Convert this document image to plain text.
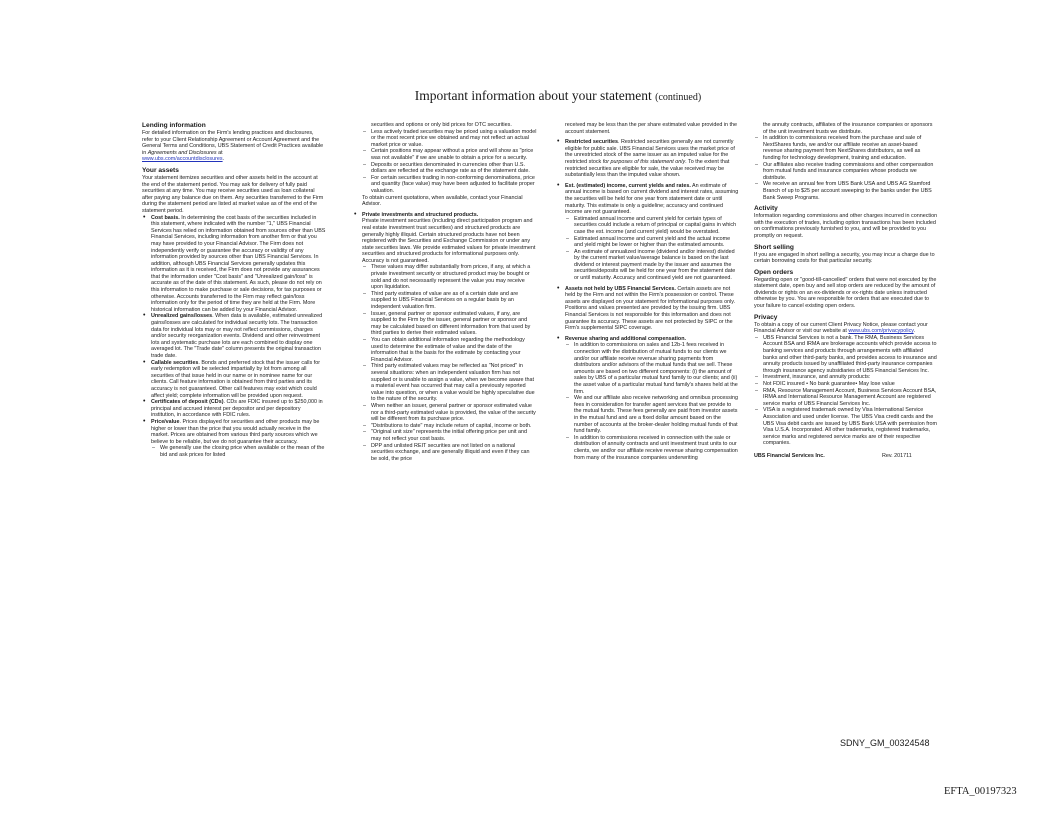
Important information about your statement (continued)
Lending information

For detailed information on the Firm's lending practices and disclosures, refer to your Client Relationship Agreement or Account Agreement and the General Terms and Conditions, UBS Statement of Credit Practices available in Agreements and Disclosures at
www.ubs.com/accountdisclosures.

Your assets

Your statement itemizes securities and other assets held in the account at the end of the statement period. You may ask for delivery of fully paid securities at any time. You may receive securities used as loan collateral after paying any balance due on them. Any securities transferred to the Firm during the statement period are listed at market value as of the end of the statement period.

• Cost basis. In determining the cost basis of the securities included in this statement, where indicated with the number "1," UBS Financial Services has relied on information obtained from sources other than UBS Financial Services, including information from another firm or that you may have provided to your Financial Advisor. The Firm does not independently verify or guarantee the accuracy or validity of any information provided by sources other than UBS Financial Services. In addition, although UBS Financial Services generally updates this information as it is received, the Firm does not provide any assurances that the information under "Cost basis" and "Unrealized gain/loss" is accurate as of the date of this statement. As such, please do not rely on this information to make purchase or sale decisions, for tax purposes or otherwise. Accounts transferred to the Firm may reflect gain/loss information only for the period of time they are held at the Firm. More historical information can be added by your Financial Advisor.

• Unrealized gains/losses. When data is available, estimated unrealized gains/losses are calculated for individual security lots. The transaction data for individual lots may or may not reflect commissions, charges and/or security reorganization events. Dividend and other reinvestment lots and systematic purchase lots are each combined to display one averaged lot. The "Trade date" column presents the original transaction trade date.

• Callable securities. Bonds and preferred stock that the issuer calls for early redemption will be selected impartially by lot from among all securities of that issue held in our name or in nominee name for our clients. Call feature information is obtained from third parties and its accuracy is not guaranteed. Other call features may exist which could affect yield; complete information will be provided upon request.

• Certificates of deposit (CDs). CDs are FDIC insured up to $250,000 in principal and accrued interest per depositor and per depository institution, in accordance with FDIC rules.

• Price/value. Prices displayed for securities and other products may be higher or lower than the price that you would actually receive in the market. Prices are obtained from various third party sources which we believe to be reliable, but we do not guarantee their accuracy.

– We generally use the closing price when available or the mean of the bid and ask prices for listed

securities and options or only bid prices for OTC securities.

– Less actively traded securities may be priced using a valuation model or the most recent price we obtained and may not reflect an actual market price or value.

– Certain positions may appear without a price and will show as "price was not available" if we are unable to obtain a price for a security.

– Deposits or securities denominated in currencies other than U.S. dollars are reflected at the exchange rate as of the statement date.

– For certain securities trading in non-conforming denominations, price and quantity (face value) may have been adjusted to facilitate proper valuation.

To obtain current quotations, when available, contact your Financial Advisor.

• Private investments and structured products.
Private investment securities (including direct participation program and real estate investment trust securities) and structured products are generally highly illiquid. Certain structured products have not been registered with the Securities and Exchange Commission or under any state securities laws. We provide estimated values for private investment securities and structured products for informational purposes only. Accuracy is not guaranteed.

– These values may differ substantially from prices, if any, at which a private investment security or structured product may be bought or sold and do not necessarily represent the value you may receive upon liquidation.

– Third party estimates of value are as of a certain date and are supplied to UBS Financial Services on a regular basis by an independent valuation firm.

– Issuer, general partner or sponsor estimated values, if any, are supplied to the Firm by the issuer, general partner or sponsor and may be calculated based on different information from that used by third parties to derive their estimated values.

– You can obtain additional information regarding the methodology used to determine the estimate of value and the date of the information that is the basis for the estimate by contacting your Financial Advisor.

– Third party estimated values may be reflected as "Not priced" in several situations: when an independent valuation firm has not supplied or is unable to assign a value, when we become aware that a material event has occurred that may call a previously reported value into question, or when a value would be highly speculative due to the nature of the security.

– When neither an issuer, general partner or sponsor estimated value nor a third-party estimated value is provided, the value of the security will be different from its purchase price.

– "Distributions to date" may include return of capital, income or both.

– "Original unit size" represents the initial offering price per unit and may not reflect your cost basis.

– DPP and unlisted REIT securities are not listed on a national securities exchange, and are generally illiquid and even if they can be sold, the price

received may be less than the per share estimated value provided in the account statement.

• Restricted securities. Restricted securities generally are not currently eligible for public sale. UBS Financial Services uses the market price of the unrestricted stock of the same issuer as an imputed value for the restricted stock for purposes of this statement only. To the extent that restricted securities are eligible for sale, the value received may be substantially less than the imputed value shown.

• Est. (estimated) income, current yields and rates. An estimate of annual income is based on current dividend and interest rates, assuming the securities will be held for one year from statement date or until maturity. This estimate is only a guideline; accuracy and continued income are not guaranteed.

– Estimated annual income and current yield for certain types of securities could include a return of principal or capital gains in which case the est. income (and current yield) would be overstated.

– Estimated annual income and current yield and the actual income and yield might be lower or higher than the estimated amounts.

– An estimate of annualized income (dividend and/or interest) divided by the current market value/average balance is based on the last dividend or interest payment made by the issuer and assumes the securities/deposits will be held for one year from the statement date or until maturity. Accuracy and continued yield are not guaranteed.

• Assets not held by UBS Financial Services. Certain assets are not held by the Firm and not within the Firm's possession or control. These assets are displayed on your statement for informational purposes only. Positions and values presented are provided by the issuing firm. UBS Financial Services is not responsible for this information and does not guarantee its accuracy. These assets are not protected by SIPC or the Firm's supplemental SIPC coverage.

• Revenue sharing and additional compensation.

– In addition to commissions on sales and 12b-1 fees received in connection with the distribution of mutual funds to our clients we and/or our affiliate receive revenue sharing payments from distributors and/or advisors of the mutual funds that we sell. These amounts are based on two different components: (i) the amount of sales by UBS of a particular mutual fund family to our clients; and (ii) the asset value of a particular mutual fund family's shares held at the firm.

– We and our affiliate also receive networking and omnibus processing fees in consideration for transfer agent services that we provide to the mutual funds. These fees generally are paid from investor assets in the mutual fund and are a fixed dollar amount based on the number of accounts at the broker-dealer holding mutual funds of that fund family.

– In addition to commissions received in connection with the sale or distribution of annuity contracts and unit investment trust units to our clients, we and/or our affiliate receive revenue sharing compensation from many of the insurance companies underwriting

the annuity contracts, affiliates of the insurance companies or sponsors of the unit investment trusts we distribute.

– In addition to commissions received from the purchase and sale of NextShares funds, we and/or our affiliate receive an asset-based revenue sharing payment from NextShares distributors, as well as funding for technology development, training and education.

– Our affiliates also receive trading commissions and other compensation from mutual funds and insurance companies whose products we distribute.

– We receive an annual fee from UBS Bank USA and UBS AG Stamford Branch of up to $25 per account sweeping to the banks under the UBS Bank Sweep Programs.

Activity

Information regarding commissions and other charges incurred in connection with the execution of trades, including option transactions has been included on confirmations previously furnished to you, and will be provided to you promptly on request.

Short selling

If you are engaged in short selling a security, you may incur a charge due to certain borrowing costs for that particular security.

Open orders

Regarding open or "good-till-cancelled" orders that were not executed by the statement date, open buy and sell stop orders are reduced by the amount of dividends or rights on an ex-dividends or ex-rights date unless instructed otherwise by you. You are responsible for orders that are executed due to your failure to cancel existing open orders.

Privacy

To obtain a copy of our current Client Privacy Notice, please contact your Financial Advisor or visit our website at www.ubs.com/privacypolicy.

– UBS Financial Services is not a bank. The RMA, Business Services Account BSA and IRMA are brokerage accounts which provide access to banking services and products through arrangements with affiliated banks and other third-party banks, and provides access to insurance and annuity products issued by unaffiliated third-party insurance companies through insurance agency subsidiaries of UBS Financial Services Inc.

– Investment, insurance, and annuity products:

– Not FDIC insured • No bank guarantee• May lose value

– RMA, Resource Management Account, Business Services Account BSA, IRMA and International Resource Management Account are registered service marks of UBS Financial Services Inc.

– VISA is a registered trademark owned by Visa International Service Association and used under license. The UBS Visa credit cards and the UBS Visa debit cards are issued by UBS Bank USA with permission from Visa U.S.A. Incorporated. All other trademarks, registered trademarks, service marks and registered service marks are of their respective companies.

UBS Financial Services Inc.	Rev. 201711
SDNY_GM_00324548
EFTA_00197323
